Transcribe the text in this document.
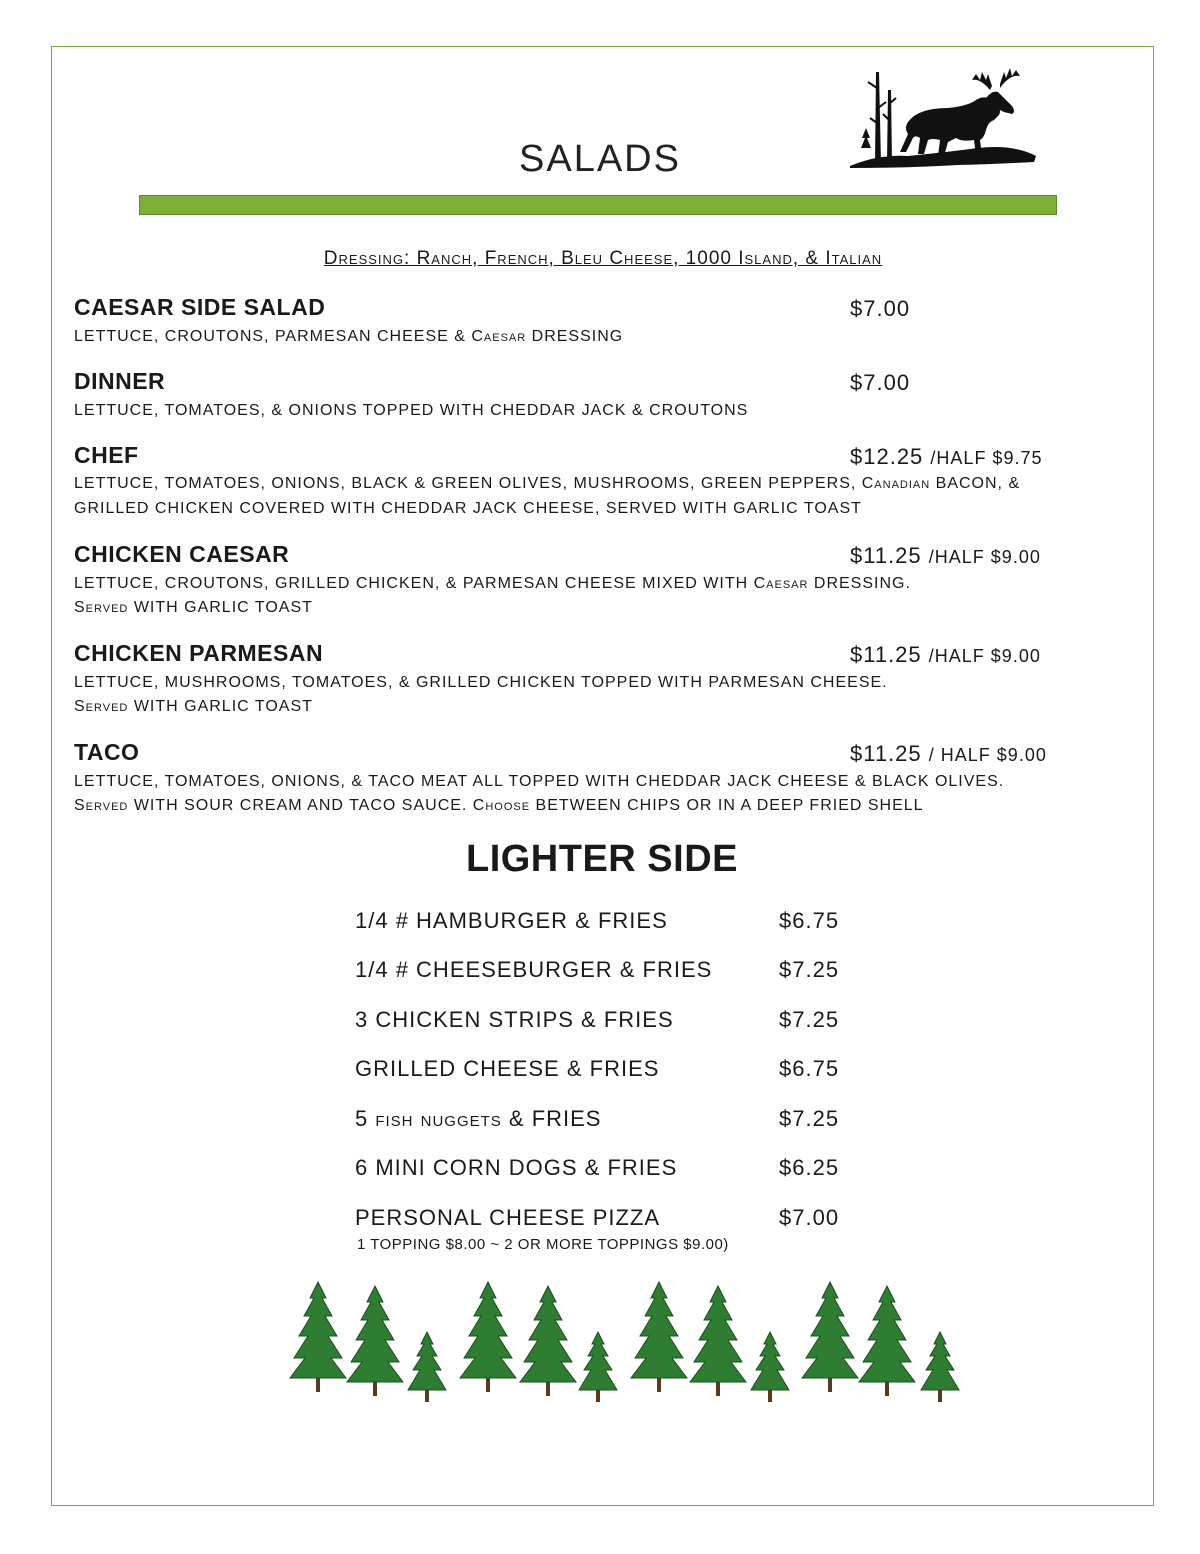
SALADS
Dressing: Ranch, French, Bleu Cheese, 1000 Island, & Italian
CAESAR SIDE SALAD	$7.00
LETTUCE, CROUTONS, PARMESAN CHEESE & Caesar DRESSING
DINNER	$7.00
LETTUCE, TOMATOES, & ONIONS TOPPED WITH CHEDDAR JACK & CROUTONS
CHEF	$12.25 /HALF $9.75
LETTUCE, TOMATOES, ONIONS, BLACK & GREEN OLIVES, MUSHROOMS, GREEN PEPPERS, Canadian BACON, &
GRILLED CHICKEN COVERED WITH CHEDDAR JACK CHEESE, SERVED WITH GARLIC TOAST
CHICKEN CAESAR	$11.25 /HALF $9.00
LETTUCE, CROUTONS, GRILLED CHICKEN, & PARMESAN CHEESE MIXED WITH Caesar DRESSING.
Served WITH GARLIC TOAST
CHICKEN PARMESAN	$11.25 /HALF $9.00
LETTUCE, MUSHROOMS, TOMATOES, & GRILLED CHICKEN TOPPED WITH PARMESAN CHEESE.
Served WITH GARLIC TOAST
TACO	$11.25 / HALF $9.00
LETTUCE, TOMATOES, ONIONS, & TACO MEAT ALL TOPPED WITH CHEDDAR JACK CHEESE & BLACK OLIVES.
Served WITH SOUR CREAM AND TACO SAUCE. Choose BETWEEN CHIPS OR IN A DEEP FRIED SHELL
LIGHTER SIDE
1/4 # HAMBURGER & FRIES	$6.75
1/4 # CHEESEBURGER & FRIES	$7.25
3 CHICKEN STRIPS & FRIES	$7.25
GRILLED CHEESE & FRIES	$6.75
5 fish nuggets & FRIES	$7.25
6 MINI CORN DOGS & FRIES	$6.25
PERSONAL CHEESE PIZZA	$7.00
1 TOPPING $8.00 ~ 2 OR MORE TOPPINGS $9.00)
